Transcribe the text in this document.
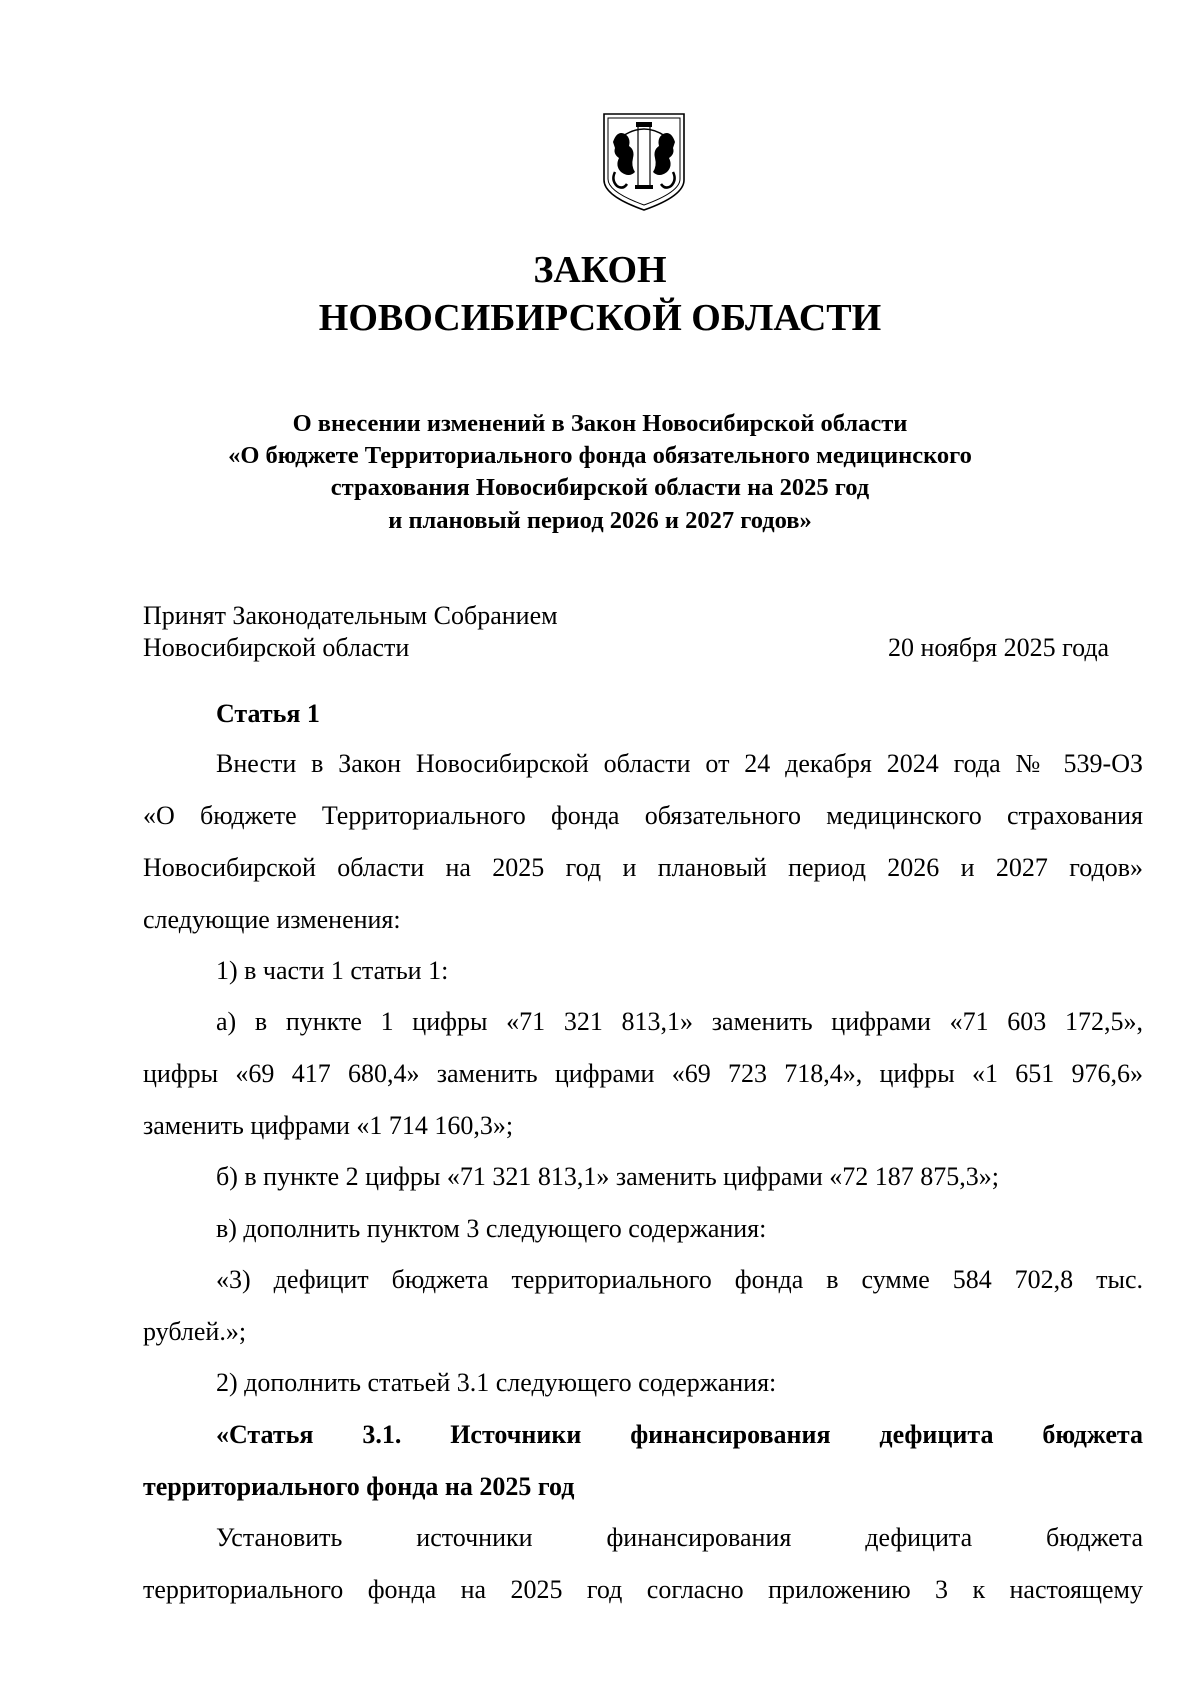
ЗАКОН
НОВОСИБИРСКОЙ ОБЛАСТИ
О внесении изменений в Закон Новосибирской области
«О бюджете Территориального фонда обязательного медицинского
страхования Новосибирской области на 2025 год
и плановый период 2026 и 2027 годов»
Принят Законодательным Собранием
Новосибирской области	20 ноября 2025 года
Статья 1
Внести в Закон Новосибирской области от 24 декабря 2024 года № 539-ОЗ
«О бюджете Территориального фонда обязательного медицинского страхования
Новосибирской области на 2025 год и плановый период 2026 и 2027 годов»
следующие изменения:
1) в части 1 статьи 1:
а) в пункте 1 цифры «71 321 813,1» заменить цифрами «71 603 172,5»,
цифры «69 417 680,4» заменить цифрами «69 723 718,4», цифры «1 651 976,6»
заменить цифрами «1 714 160,3»;
б) в пункте 2 цифры «71 321 813,1» заменить цифрами «72 187 875,3»;
в) дополнить пунктом 3 следующего содержания:
«3) дефицит бюджета территориального фонда в сумме 584 702,8 тыс.
рублей.»;
2) дополнить статьей 3.1 следующего содержания:
«Статья 3.1. Источники финансирования дефицита бюджета
территориального фонда на 2025 год
Установить источники финансирования дефицита бюджета
территориального фонда на 2025 год согласно приложению 3 к настоящему
